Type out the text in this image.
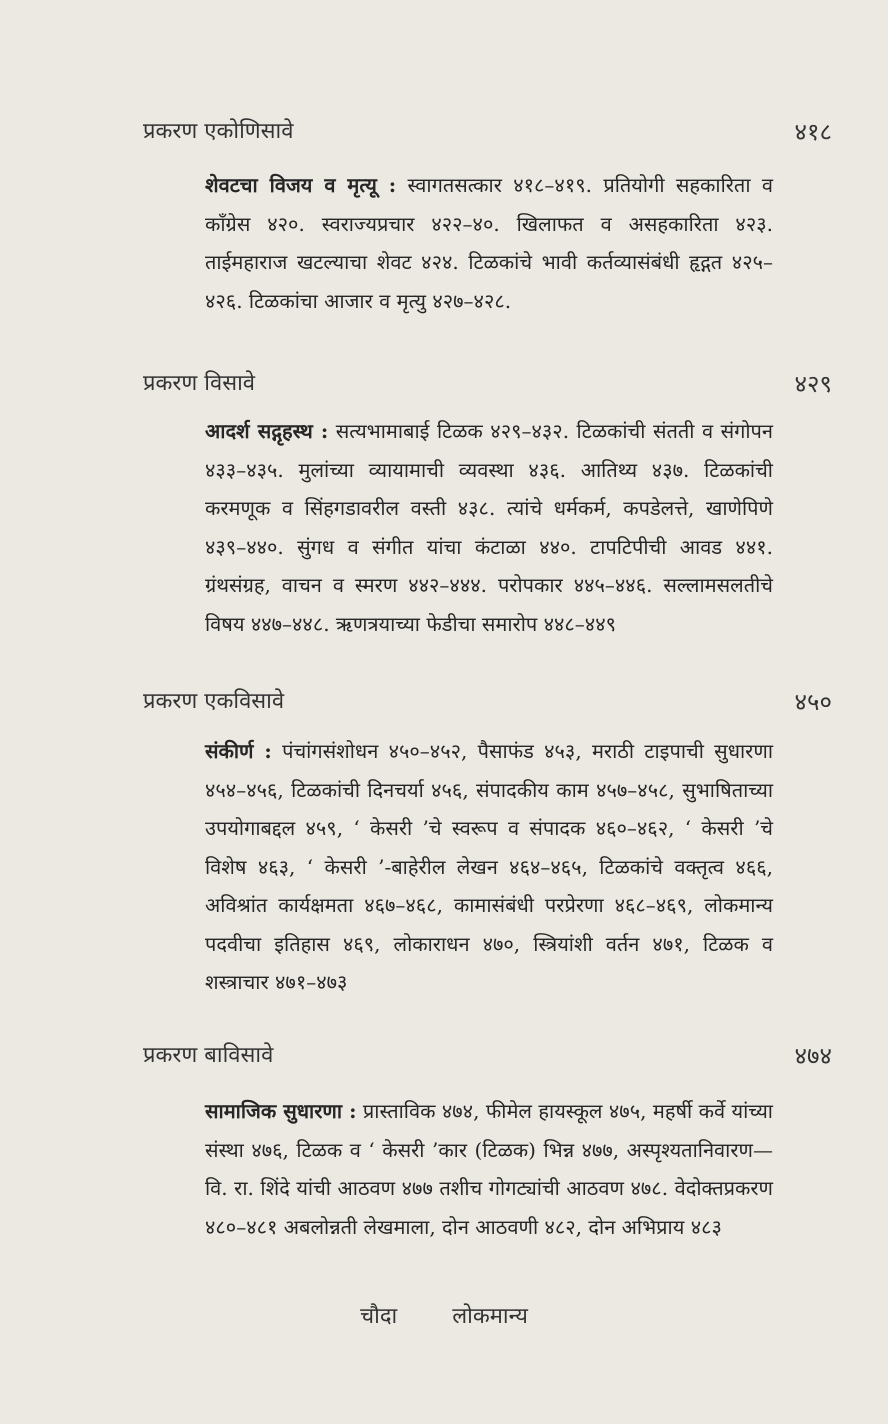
प्रकरण एकोणिसावे	४१८
शेवटचा विजय व मृत्यू : स्वागतसत्कार ४१८–४१९. प्रतियोगी सहकारिता व कॉंग्रेस ४२०. स्वराज्यप्रचार ४२२–४०. खिलाफत व असहकारिता ४२३. ताईमहाराज खटल्याचा शेवट ४२४. टिळकांचे भावी कर्तव्यासंबंधी हृद्गत ४२५–४२६. टिळकांचा आजार व मृत्यु ४२७–४२८.
प्रकरण विसावे	४२९
आदर्श सद्गृहस्थ : सत्यभामाबाई टिळक ४२९–४३२. टिळकांची संतती व संगोपन ४३३–४३५. मुलांच्या व्यायामाची व्यवस्था ४३६. आतिथ्य ४३७. टिळकांची करमणूक व सिंहगडावरील वस्ती ४३८. त्यांचे धर्मकर्म, कपडेलत्ते, खाणेपिणे ४३९–४४०. सुंगध व संगीत यांचा कंटाळा ४४०. टापटिपीची आवड ४४१. ग्रंथसंग्रह, वाचन व स्मरण ४४२–४४४. परोपकार ४४५–४४६. सल्लामसलतीचे विषय ४४७–४४८. ऋणत्रयाच्या फेडीचा समारोप ४४८–४४९
प्रकरण एकविसावे	४५०
संकीर्ण : पंचांगसंशोधन ४५०–४५२, पैसाफंड ४५३, मराठी टाइपाची सुधारणा ४५४–४५६, टिळकांची दिनचर्या ४५६, संपादकीय काम ४५७–४५८, सुभाषिताच्या उपयोगाबद्दल ४५९, ‘ केसरी ’चे स्वरूप व संपादक ४६०–४६२, ‘ केसरी ’चे विशेष ४६३, ‘ केसरी ’-बाहेरील लेखन ४६४–४६५, टिळकांचे वक्तृत्व ४६६, अविश्रांत कार्यक्षमता ४६७–४६८, कामासंबंधी परप्रेरणा ४६८–४६९, लोकमान्य पदवीचा इतिहास ४६९, लोकाराधन ४७०, स्त्रियांशी वर्तन ४७१, टिळक व शस्त्राचार ४७१–४७३
प्रकरण बाविसावे	४७४
सामाजिक सुधारणा : प्रास्ताविक ४७४, फीमेल हायस्कूल ४७५, महर्षी कर्वे यांच्या संस्था ४७६, टिळक व ‘ केसरी ’कार (टिळक) भिन्न ४७७, अस्पृश्यतानिवारण—वि. रा. शिंदे यांची आठवण ४७७ तशीच गोगट्यांची आठवण ४७८. वेदोक्तप्रकरण ४८०–४८१ अबलोन्नती लेखमाला, दोन आठवणी ४८२, दोन अभिप्राय ४८३
चौदा	लोकमान्य
